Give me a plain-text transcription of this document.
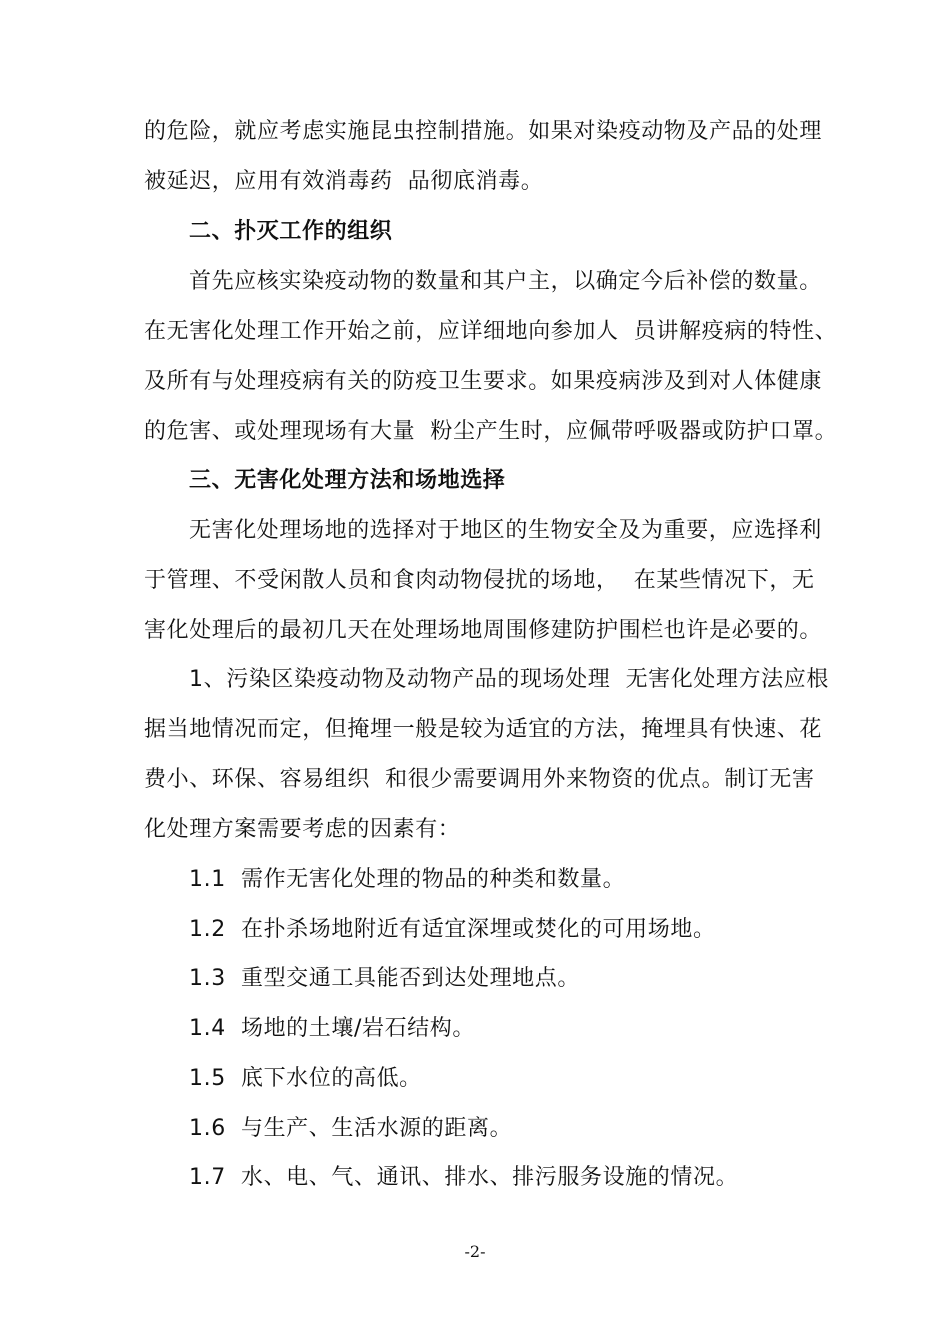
的危险，就应考虑实施昆虫控制措施。如果对染疫动物及产品的处理
被延迟，应用有效消毒药  品彻底消毒。
二、扑灭工作的组织
首先应核实染疫动物的数量和其户主，以确定今后补偿的数量。
在无害化处理工作开始之前，应详细地向参加人  员讲解疫病的特性、
及所有与处理疫病有关的防疫卫生要求。如果疫病涉及到对人体健康
的危害、或处理现场有大量  粉尘产生时，应佩带呼吸器或防护口罩。
三、无害化处理方法和场地选择
无害化处理场地的选择对于地区的生物安全及为重要，应选择利
于管理、不受闲散人员和食肉动物侵扰的场地，  在某些情况下，无
害化处理后的最初几天在处理场地周围修建防护围栏也许是必要的。
1、污染区染疫动物及动物产品的现场处理  无害化处理方法应根
据当地情况而定，但掩埋一般是较为适宜的方法，掩埋具有快速、花
费小、环保、容易组织  和很少需要调用外来物资的优点。制订无害
化处理方案需要考虑的因素有：
1.1  需作无害化处理的物品的种类和数量。
1.2  在扑杀场地附近有适宜深埋或焚化的可用场地。
1.3  重型交通工具能否到达处理地点。
1.4  场地的土壤/岩石结构。
1.5  底下水位的高低。
1.6  与生产、生活水源的距离。
1.7  水、电、气、通讯、排水、排污服务设施的情况。
-2-
